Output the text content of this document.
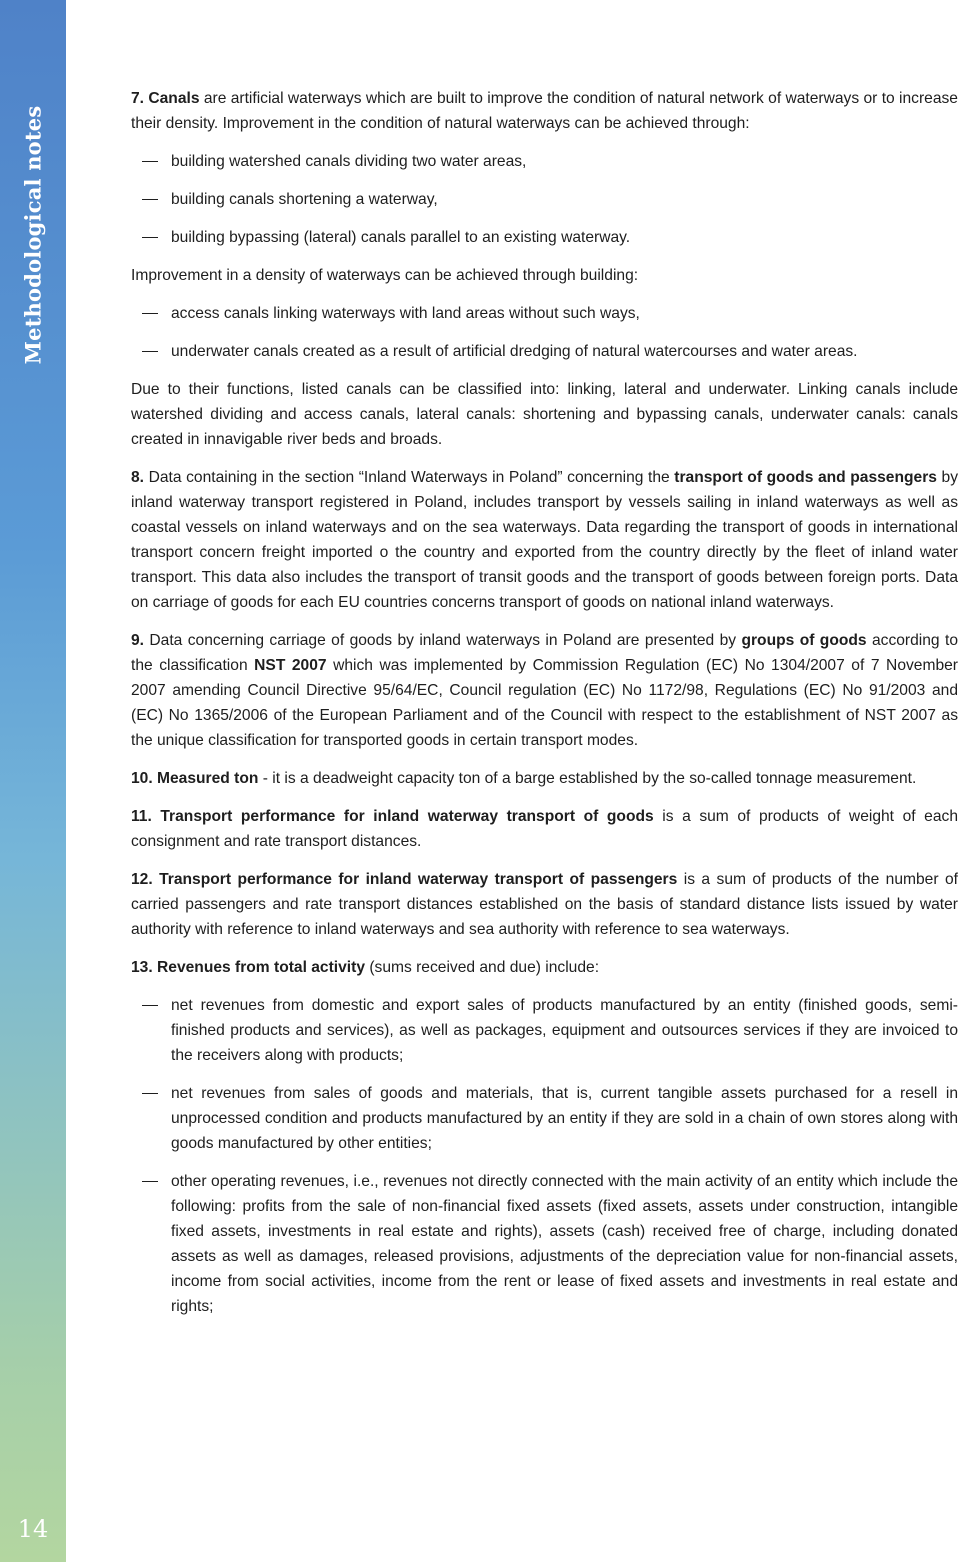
Methodological notes
14

7. Canals are artificial waterways which are built to improve the condition of natural network of waterways or to increase their density. Improvement in the condition of natural waterways can be achieved through:

building watershed canals dividing two water areas,
building canals shortening a waterway,
building bypassing (lateral) canals parallel to an existing waterway.

Improvement in a density of waterways can be achieved through building:

access canals linking waterways with land areas without such ways,
underwater canals created as a result of artificial dredging of natural watercourses and water areas.

Due to their functions, listed canals can be classified into: linking, lateral and underwater. Linking canals include watershed dividing and access canals, lateral canals: shortening and bypassing canals, underwater canals: canals created in innavigable river beds and broads.

8. Data containing in the section “Inland Waterways in Poland” concerning the transport of goods and passengers by inland waterway transport registered in Poland, includes transport by vessels sailing in inland waterways as well as coastal vessels on inland waterways and on the sea waterways. Data regarding the transport of goods in international transport concern freight imported o the country and exported from the country directly by the fleet of inland water transport. This data also includes the transport of transit goods and the transport of goods between foreign ports. Data on carriage of goods for each EU countries concerns transport of goods on national inland waterways.

9. Data concerning carriage of goods by inland waterways in Poland are presented by groups of goods according to the classification NST 2007 which was implemented by Commission Regulation (EC) No 1304/2007 of 7 November 2007 amending Council Directive 95/64/EC, Council regulation (EC) No 1172/98, Regulations (EC) No 91/2003 and (EC) No 1365/2006 of the European Parliament and of the Council with respect to the establishment of NST 2007 as the unique classification for transported goods in certain transport modes.

10. Measured ton - it is a deadweight capacity ton of a barge established by the so-called tonnage measurement.

11. Transport performance for inland waterway transport of goods is a sum of products of weight of each consignment and rate transport distances.

12. Transport performance for inland waterway transport of passengers is a sum of products of the number of carried passengers and rate transport distances established on the basis of standard distance lists issued by water authority with reference to inland waterways and sea authority with reference to sea waterways.

13. Revenues from total activity (sums received and due) include:

net revenues from domestic and export sales of products manufactured by an entity (finished goods, semi-finished products and services), as well as packages, equipment and outsources services if they are invoiced to the receivers along with products;
net revenues from sales of goods and materials, that is, current tangible assets purchased for a resell in unprocessed condition and products manufactured by an entity if they are sold in a chain of own stores along with goods manufactured by other entities;
other operating revenues, i.e., revenues not directly connected with the main activity of an entity which include the following: profits from the sale of non-financial fixed assets (fixed assets, assets under construction, intangible fixed assets, investments in real estate and rights), assets (cash) received free of charge, including donated assets as well as damages, released provisions, adjustments of the depreciation value for non-financial assets, income from social activities, income from the rent or lease of fixed assets and investments in real estate and rights;
